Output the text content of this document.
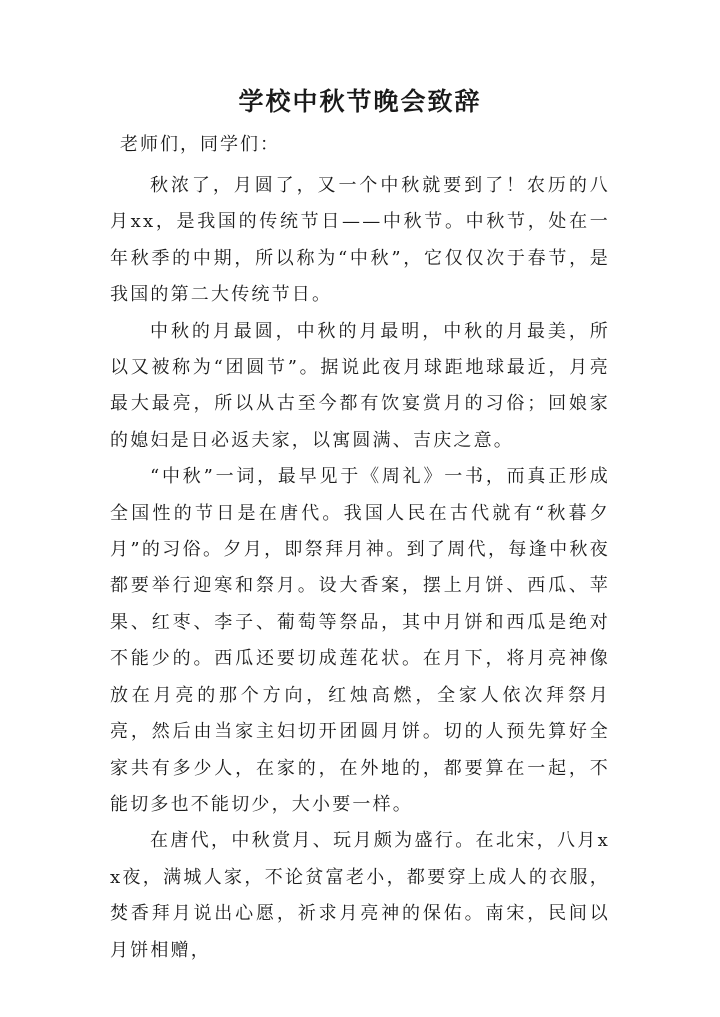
学校中秋节晚会致辞

老师们，同学们：

秋浓了，月圆了，又一个中秋就要到了！农历的八月xx，是我国的传统节日——中秋节。中秋节，处在一年秋季的中期，所以称为“中秋”，它仅仅次于春节，是我国的第二大传统节日。

中秋的月最圆，中秋的月最明，中秋的月最美，所以又被称为“团圆节”。据说此夜月球距地球最近，月亮最大最亮，所以从古至今都有饮宴赏月的习俗；回娘家的媳妇是日必返夫家，以寓圆满、吉庆之意。

“中秋”一词，最早见于《周礼》一书，而真正形成全国性的节日是在唐代。我国人民在古代就有“秋暮夕月”的习俗。夕月，即祭拜月神。到了周代，每逢中秋夜都要举行迎寒和祭月。设大香案，摆上月饼、西瓜、苹果、红枣、李子、葡萄等祭品，其中月饼和西瓜是绝对不能少的。西瓜还要切成莲花状。在月下，将月亮神像放在月亮的那个方向，红烛高燃，全家人依次拜祭月亮，然后由当家主妇切开团圆月饼。切的人预先算好全家共有多少人，在家的，在外地的，都要算在一起，不能切多也不能切少，大小要一样。

在唐代，中秋赏月、玩月颇为盛行。在北宋，八月xx夜，满城人家，不论贫富老小，都要穿上成人的衣服，焚香拜月说出心愿，祈求月亮神的保佑。南宋，民间以月饼相赠，
